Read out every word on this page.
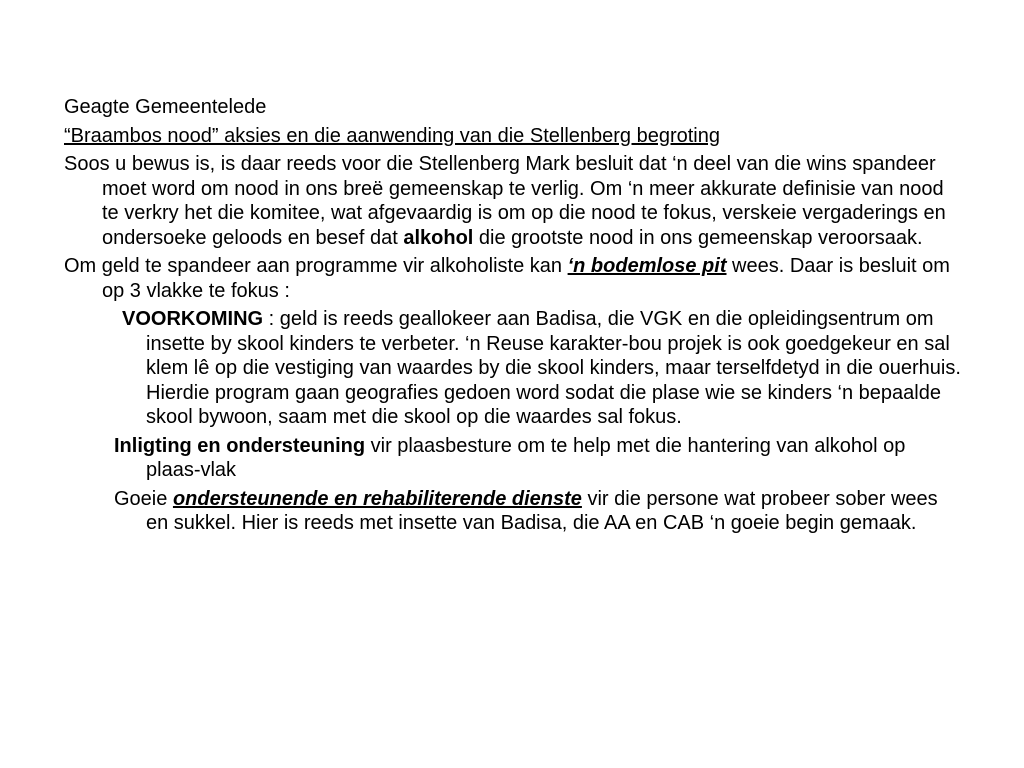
Geagte Gemeentelede

“Braambos nood” aksies en die aanwending van die Stellenberg begroting

Soos u bewus is, is daar reeds voor die Stellenberg Mark besluit dat ‘n deel van die wins spandeer moet word om nood in ons breë gemeenskap te verlig. Om ‘n meer akkurate definisie van nood te verkry het die komitee, wat afgevaardig is om op die nood te fokus, verskeie vergaderings en ondersoeke geloods en besef dat alkohol die grootste nood in ons gemeenskap veroorsaak.

Om geld te spandeer aan programme vir alkoholiste kan ‘n bodemlose pit wees. Daar is besluit om op 3 vlakke te fokus :

VOORKOMING : geld is reeds geallokeer aan Badisa, die VGK en die opleidingsentrum om insette by skool kinders te verbeter. ‘n Reuse karakter-bou projek is ook goedgekeur en sal klem lê op die vestiging van waardes by die skool kinders, maar terselfdetyd in die ouerhuis. Hierdie program gaan geografies gedoen word sodat die plase wie se kinders ‘n bepaalde skool bywoon, saam met die skool op die waardes sal fokus.

Inligting en ondersteuning vir plaasbesture om te help met die hantering van alkohol op plaas-vlak

Goeie ondersteunende en rehabiliterende dienste vir die persone wat probeer sober wees en sukkel. Hier is reeds met insette van Badisa, die AA en CAB ‘n goeie begin gemaak.
